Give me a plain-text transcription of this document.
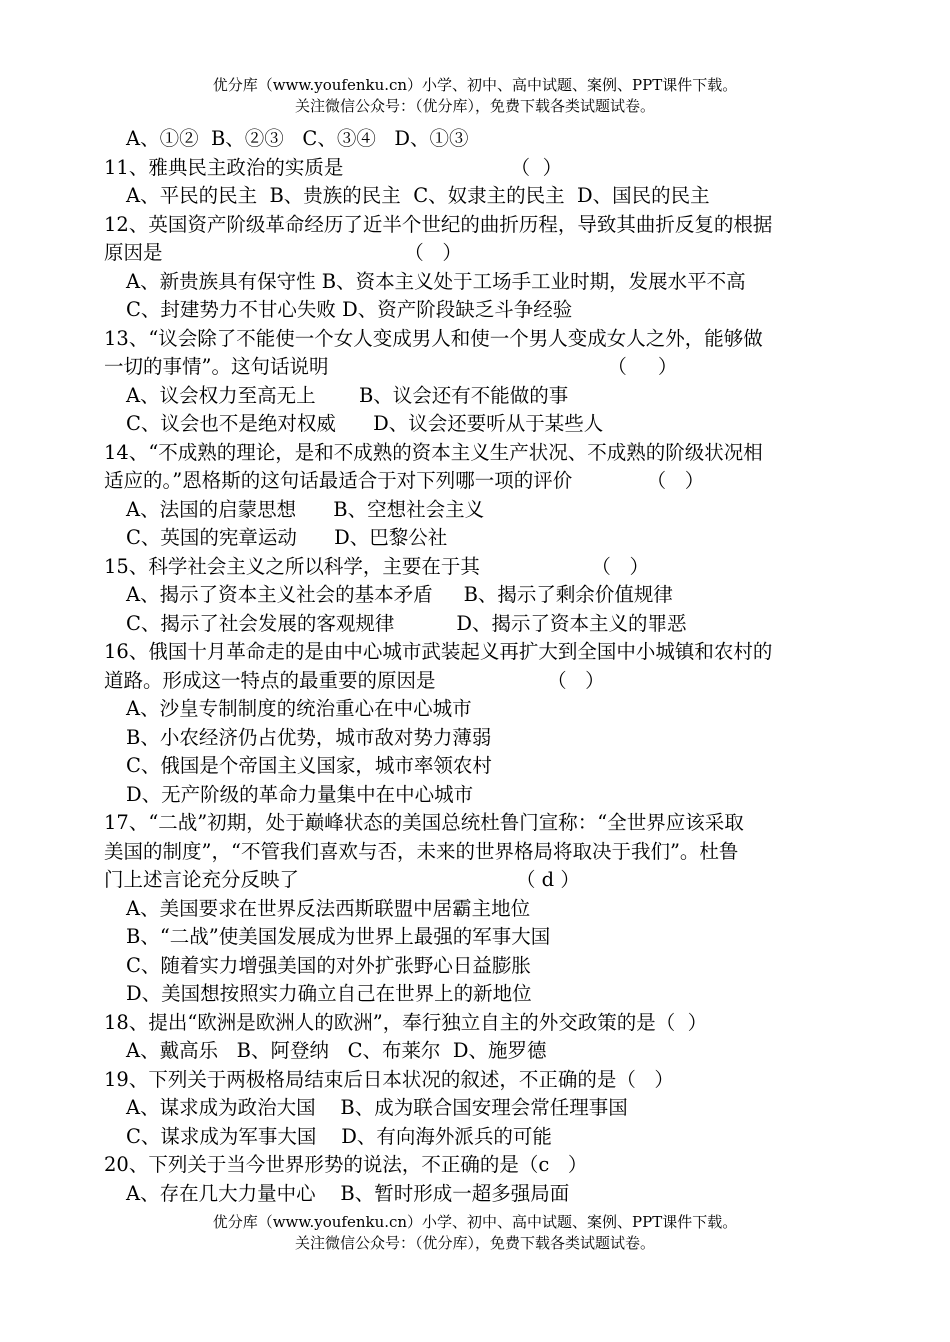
优分库（www.youfenku.cn）小学、初中、高中试题、案例、PPT课件下载。
关注微信公众号：（优分库），免费下载各类试题试卷。
A、①②  B、②③   C、③④   D、①③
11、雅典民主政治的实质是                           （  ）
A、平民的民主  B、贵族的民主  C、奴隶主的民主  D、国民的民主
12、英国资产阶级革命经历了近半个世纪的曲折历程，导致其曲折反复的根据
原因是                                       （   ）
A、新贵族具有保守性 B、资本主义处于工场手工业时期，发展水平不高
C、封建势力不甘心失败 D、资产阶段缺乏斗争经验
13、“议会除了不能使一个女人变成男人和使一个男人变成女人之外，能够做
一切的事情”。这句话说明                                             （     ）
A、议会权力至高无上       B、议会还有不能做的事
C、议会也不是绝对权威      D、议会还要听从于某些人
14、“不成熟的理论，是和不成熟的资本主义生产状况、不成熟的阶级状况相
适应的。”恩格斯的这句话最适合于对下列哪一项的评价            （   ）
A、法国的启蒙思想      B、空想社会主义
C、英国的宪章运动      D、巴黎公社
15、科学社会主义之所以科学，主要在于其                  （   ）
A、揭示了资本主义社会的基本矛盾     B、揭示了剩余价值规律
C、揭示了社会发展的客观规律          D、揭示了资本主义的罪恶
16、俄国十月革命走的是由中心城市武装起义再扩大到全国中小城镇和农村的
道路。形成这一特点的最重要的原因是                  （   ）
A、沙皇专制制度的统治重心在中心城市
B、小农经济仍占优势，城市敌对势力薄弱
C、俄国是个帝国主义国家，城市率领农村
D、无产阶级的革命力量集中在中心城市
17、“二战”初期，处于巅峰状态的美国总统杜鲁门宣称：“全世界应该采取
美国的制度”，“不管我们喜欢与否，未来的世界格局将取决于我们”。杜鲁
门上述言论充分反映了                                   （ d ）
A、美国要求在世界反法西斯联盟中居霸主地位
B、“二战”使美国发展成为世界上最强的军事大国
C、随着实力增强美国的对外扩张野心日益膨胀
D、美国想按照实力确立自己在世界上的新地位
18、提出“欧洲是欧洲人的欧洲”，奉行独立自主的外交政策的是（  ）
A、戴高乐   B、阿登纳   C、布莱尔  D、施罗德
19、下列关于两极格局结束后日本状况的叙述，不正确的是（   ）
A、谋求成为政治大国    B、成为联合国安理会常任理事国
C、谋求成为军事大国    D、有向海外派兵的可能
20、下列关于当今世界形势的说法，不正确的是（c   ）
A、存在几大力量中心    B、暂时形成一超多强局面
优分库（www.youfenku.cn）小学、初中、高中试题、案例、PPT课件下载。
关注微信公众号：（优分库），免费下载各类试题试卷。
